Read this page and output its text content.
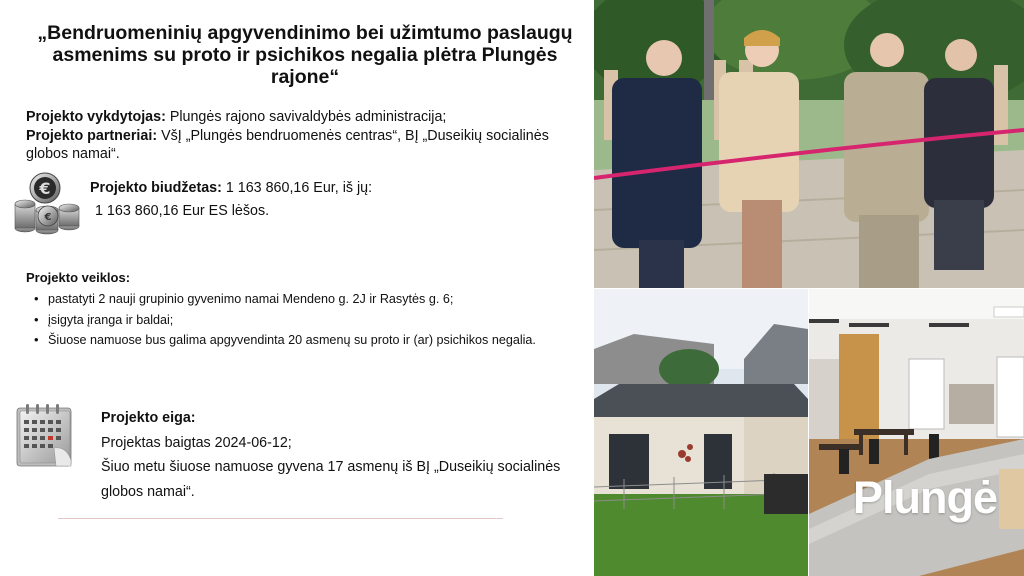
„Bendruomeninių apgyvendinimo bei užimtumo paslaugų asmenims su proto ir psichikos negalia plėtra Plungės rajone“
Projekto vykdytojas: Plungės rajono savivaldybės administracija;
Projekto partneriai: VšĮ „Plungės bendruomenės centras“, BĮ „Duseikių socialinės globos namai“.
€
€
Projekto biudžetas: 1 163 860,16 Eur, iš jų:
1 163 860,16 Eur ES lėšos.
Projekto veiklos:
• pastatyti 2 nauji grupinio gyvenimo namai Mendeno g. 2J ir Rasytės g. 6;
• įsigyta įranga ir baldai;
• Šiuose namuose bus galima apgyvendinta 20 asmenų su proto ir (ar) psichikos negalia.
Projekto eiga:
Projektas baigtas 2024-06-12;
Šiuo metu šiuose namuose gyvena 17 asmenų iš BĮ „Duseikių socialinės globos namai“.	Plungė
